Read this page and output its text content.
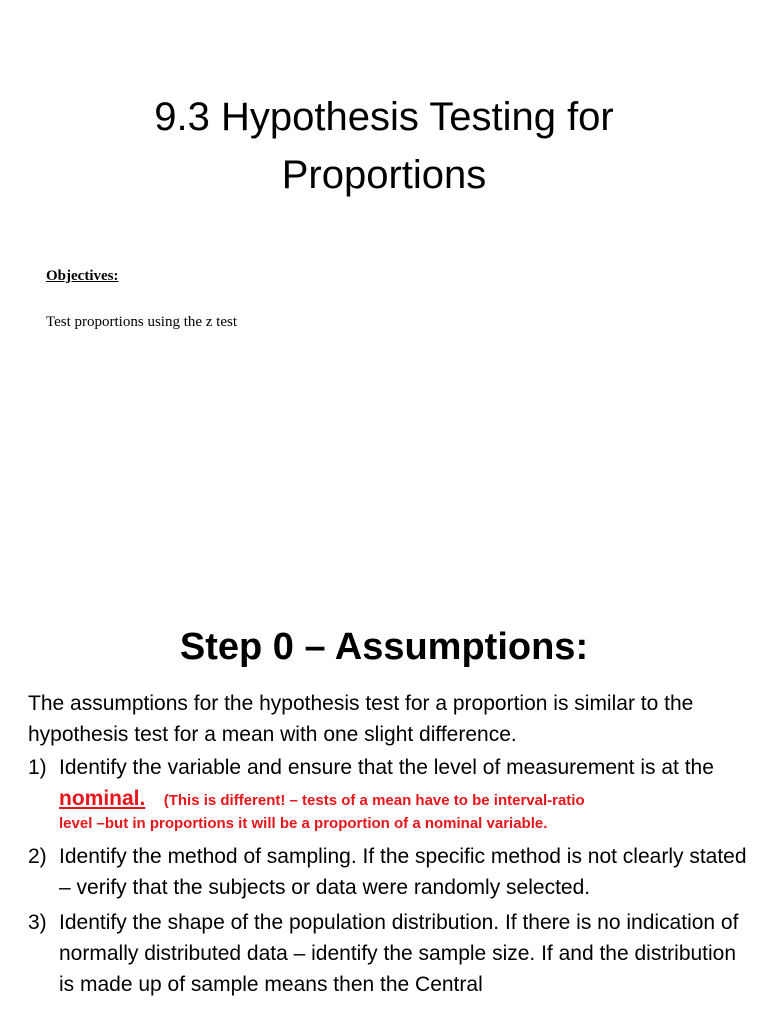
9.3 Hypothesis Testing for
Proportions
Objectives:
Test proportions using the z test
Step 0 – Assumptions:

The assumptions for the hypothesis test for a proportion is similar to the hypothesis test for a mean with one slight difference.

1) Identify the variable and ensure that the level of measurement is at the nominal. (This is different! – tests of a mean have to be interval-ratio
level –but in proportions it will be a proportion of a nominal variable.
2) Identify the method of sampling. If the specific method is not clearly stated – verify that the subjects or data were randomly selected.
3) Identify the shape of the population distribution. If there is no indication of normally distributed data – identify the sample size. If and the distribution is made up of sample means then the Central
